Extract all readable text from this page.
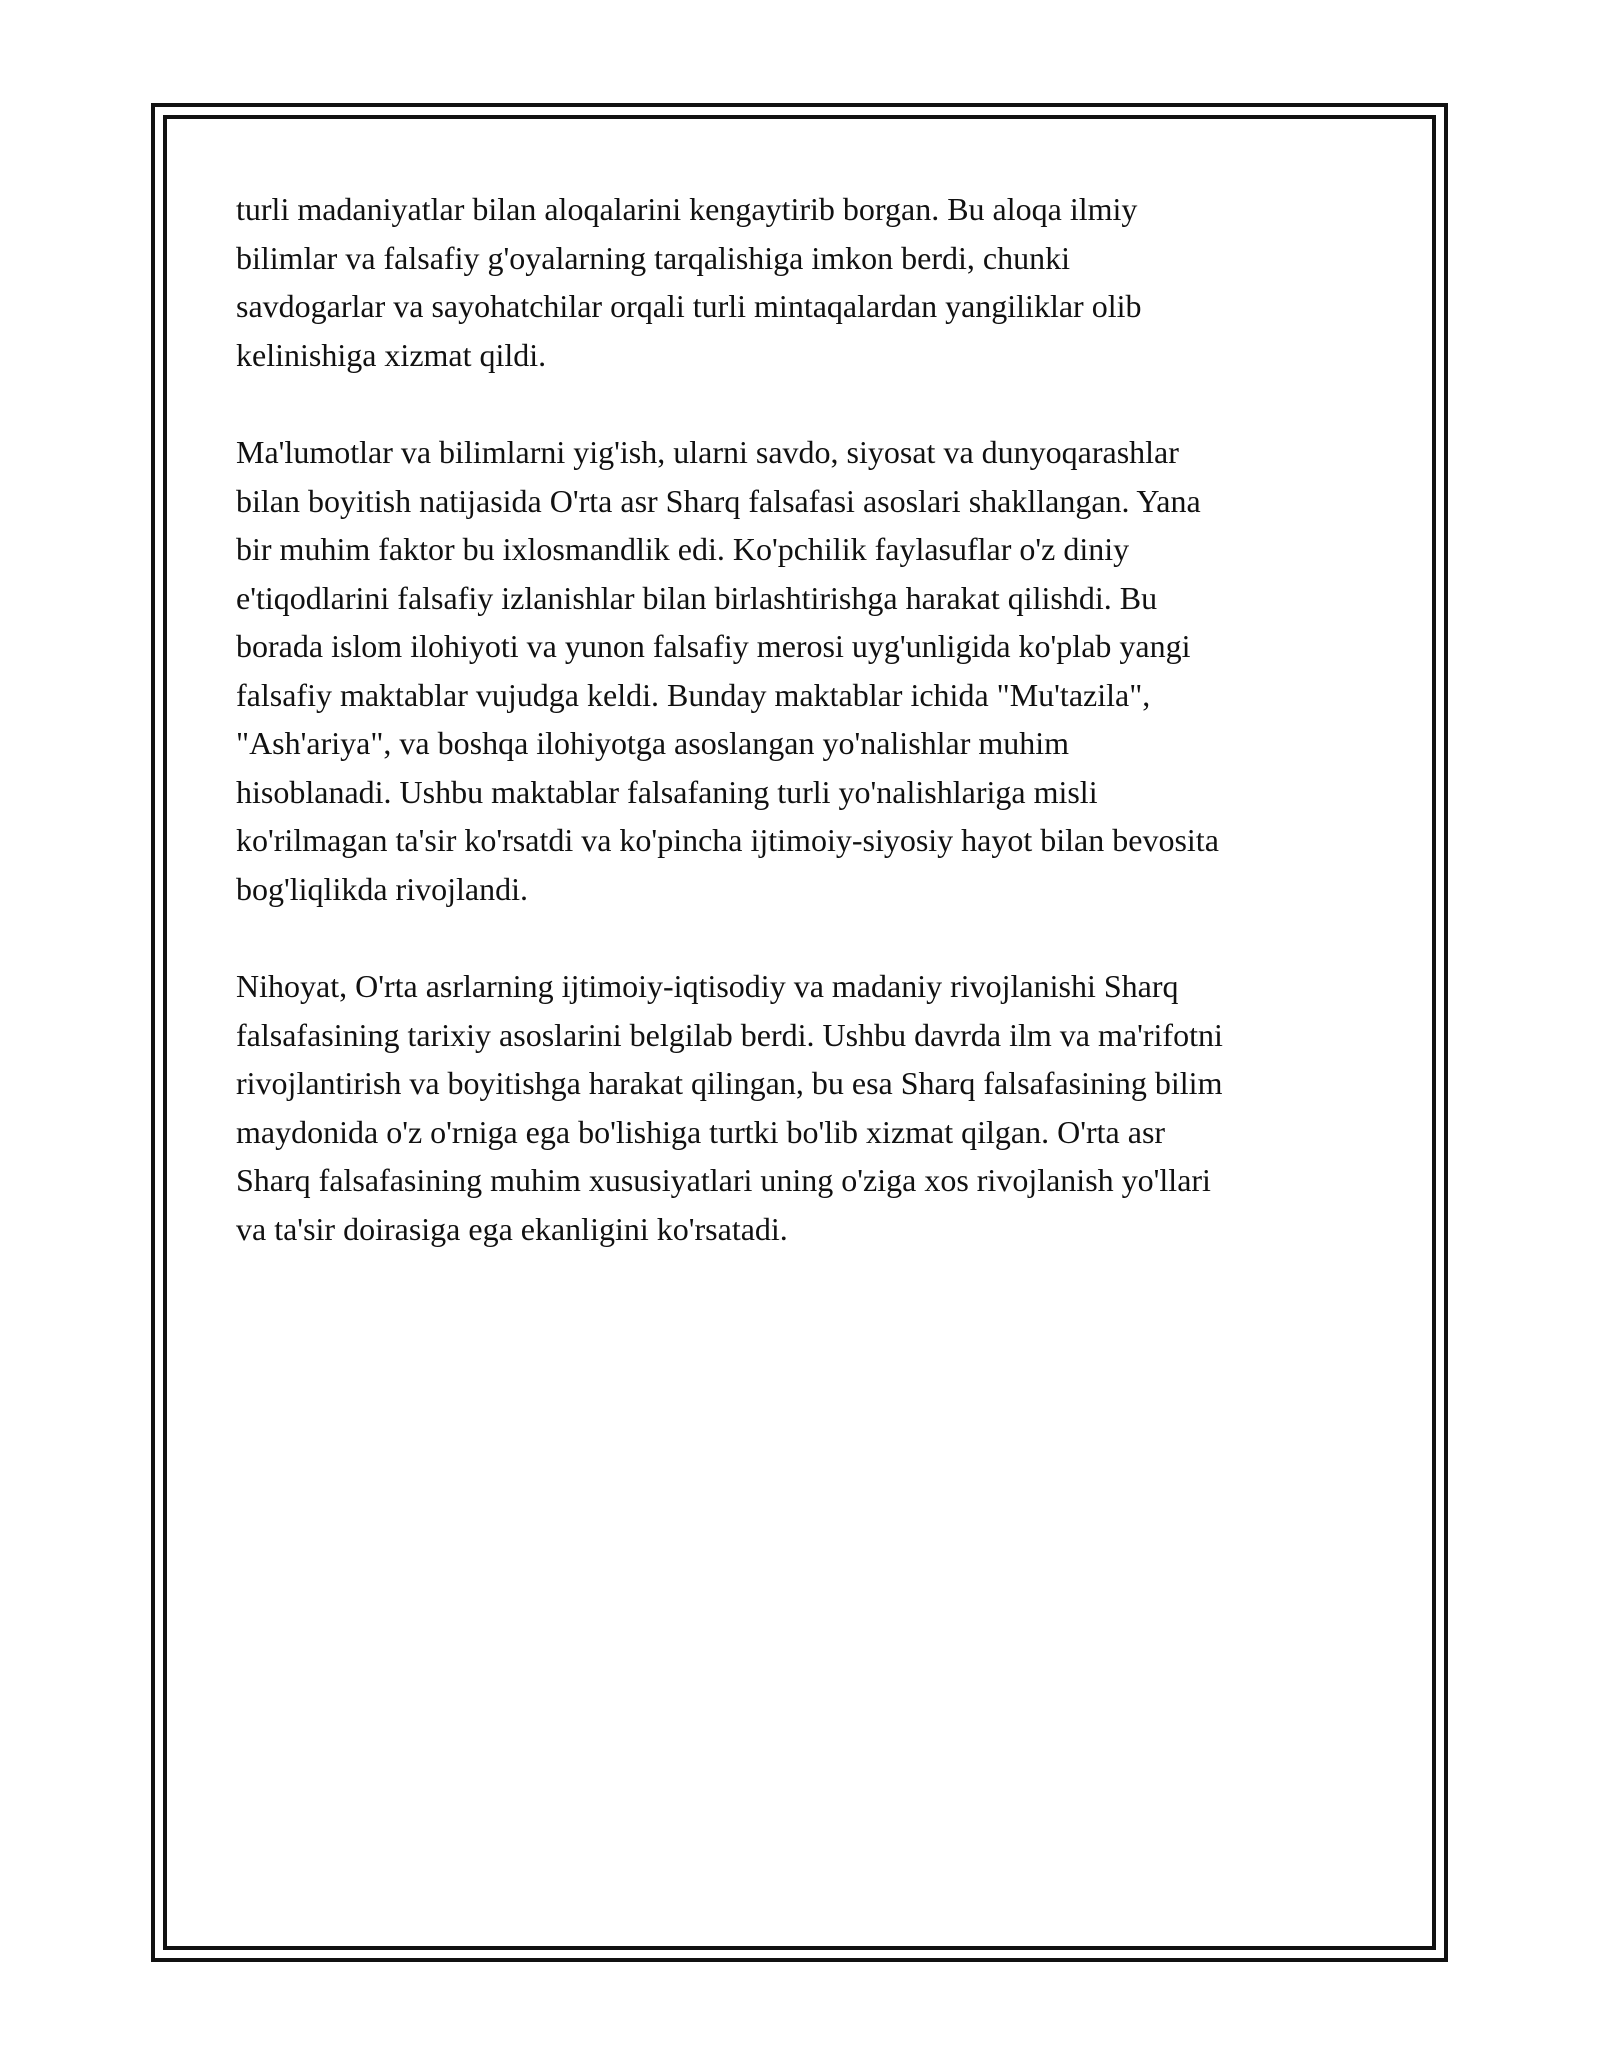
turli madaniyatlar bilan aloqalarini kengaytirib borgan. Bu aloqa ilmiy
bilimlar va falsafiy g'oyalarning tarqalishiga imkon berdi, chunki
savdogarlar va sayohatchilar orqali turli mintaqalardan yangiliklar olib
kelinishiga xizmat qildi.

Ma'lumotlar va bilimlarni yig'ish, ularni savdo, siyosat va dunyoqarashlar
bilan boyitish natijasida O'rta asr Sharq falsafasi asoslari shakllangan. Yana
bir muhim faktor bu ixlosmandlik edi. Ko'pchilik faylasuflar o'z diniy
e'tiqodlarini falsafiy izlanishlar bilan birlashtirishga harakat qilishdi. Bu
borada islom ilohiyoti va yunon falsafiy merosi uyg'unligida ko'plab yangi
falsafiy maktablar vujudga keldi. Bunday maktablar ichida "Mu'tazila",
"Ash'ariya", va boshqa ilohiyotga asoslangan yo'nalishlar muhim
hisoblanadi. Ushbu maktablar falsafaning turli yo'nalishlariga misli
ko'rilmagan ta'sir ko'rsatdi va ko'pincha ijtimoiy-siyosiy hayot bilan bevosita
bog'liqlikda rivojlandi.

Nihoyat, O'rta asrlarning ijtimoiy-iqtisodiy va madaniy rivojlanishi Sharq
falsafasining tarixiy asoslarini belgilab berdi. Ushbu davrda ilm va ma'rifotni
rivojlantirish va boyitishga harakat qilingan, bu esa Sharq falsafasining bilim
maydonida o'z o'rniga ega bo'lishiga turtki bo'lib xizmat qilgan. O'rta asr
Sharq falsafasining muhim xususiyatlari uning o'ziga xos rivojlanish yo'llari
va ta'sir doirasiga ega ekanligini ko'rsatadi.
